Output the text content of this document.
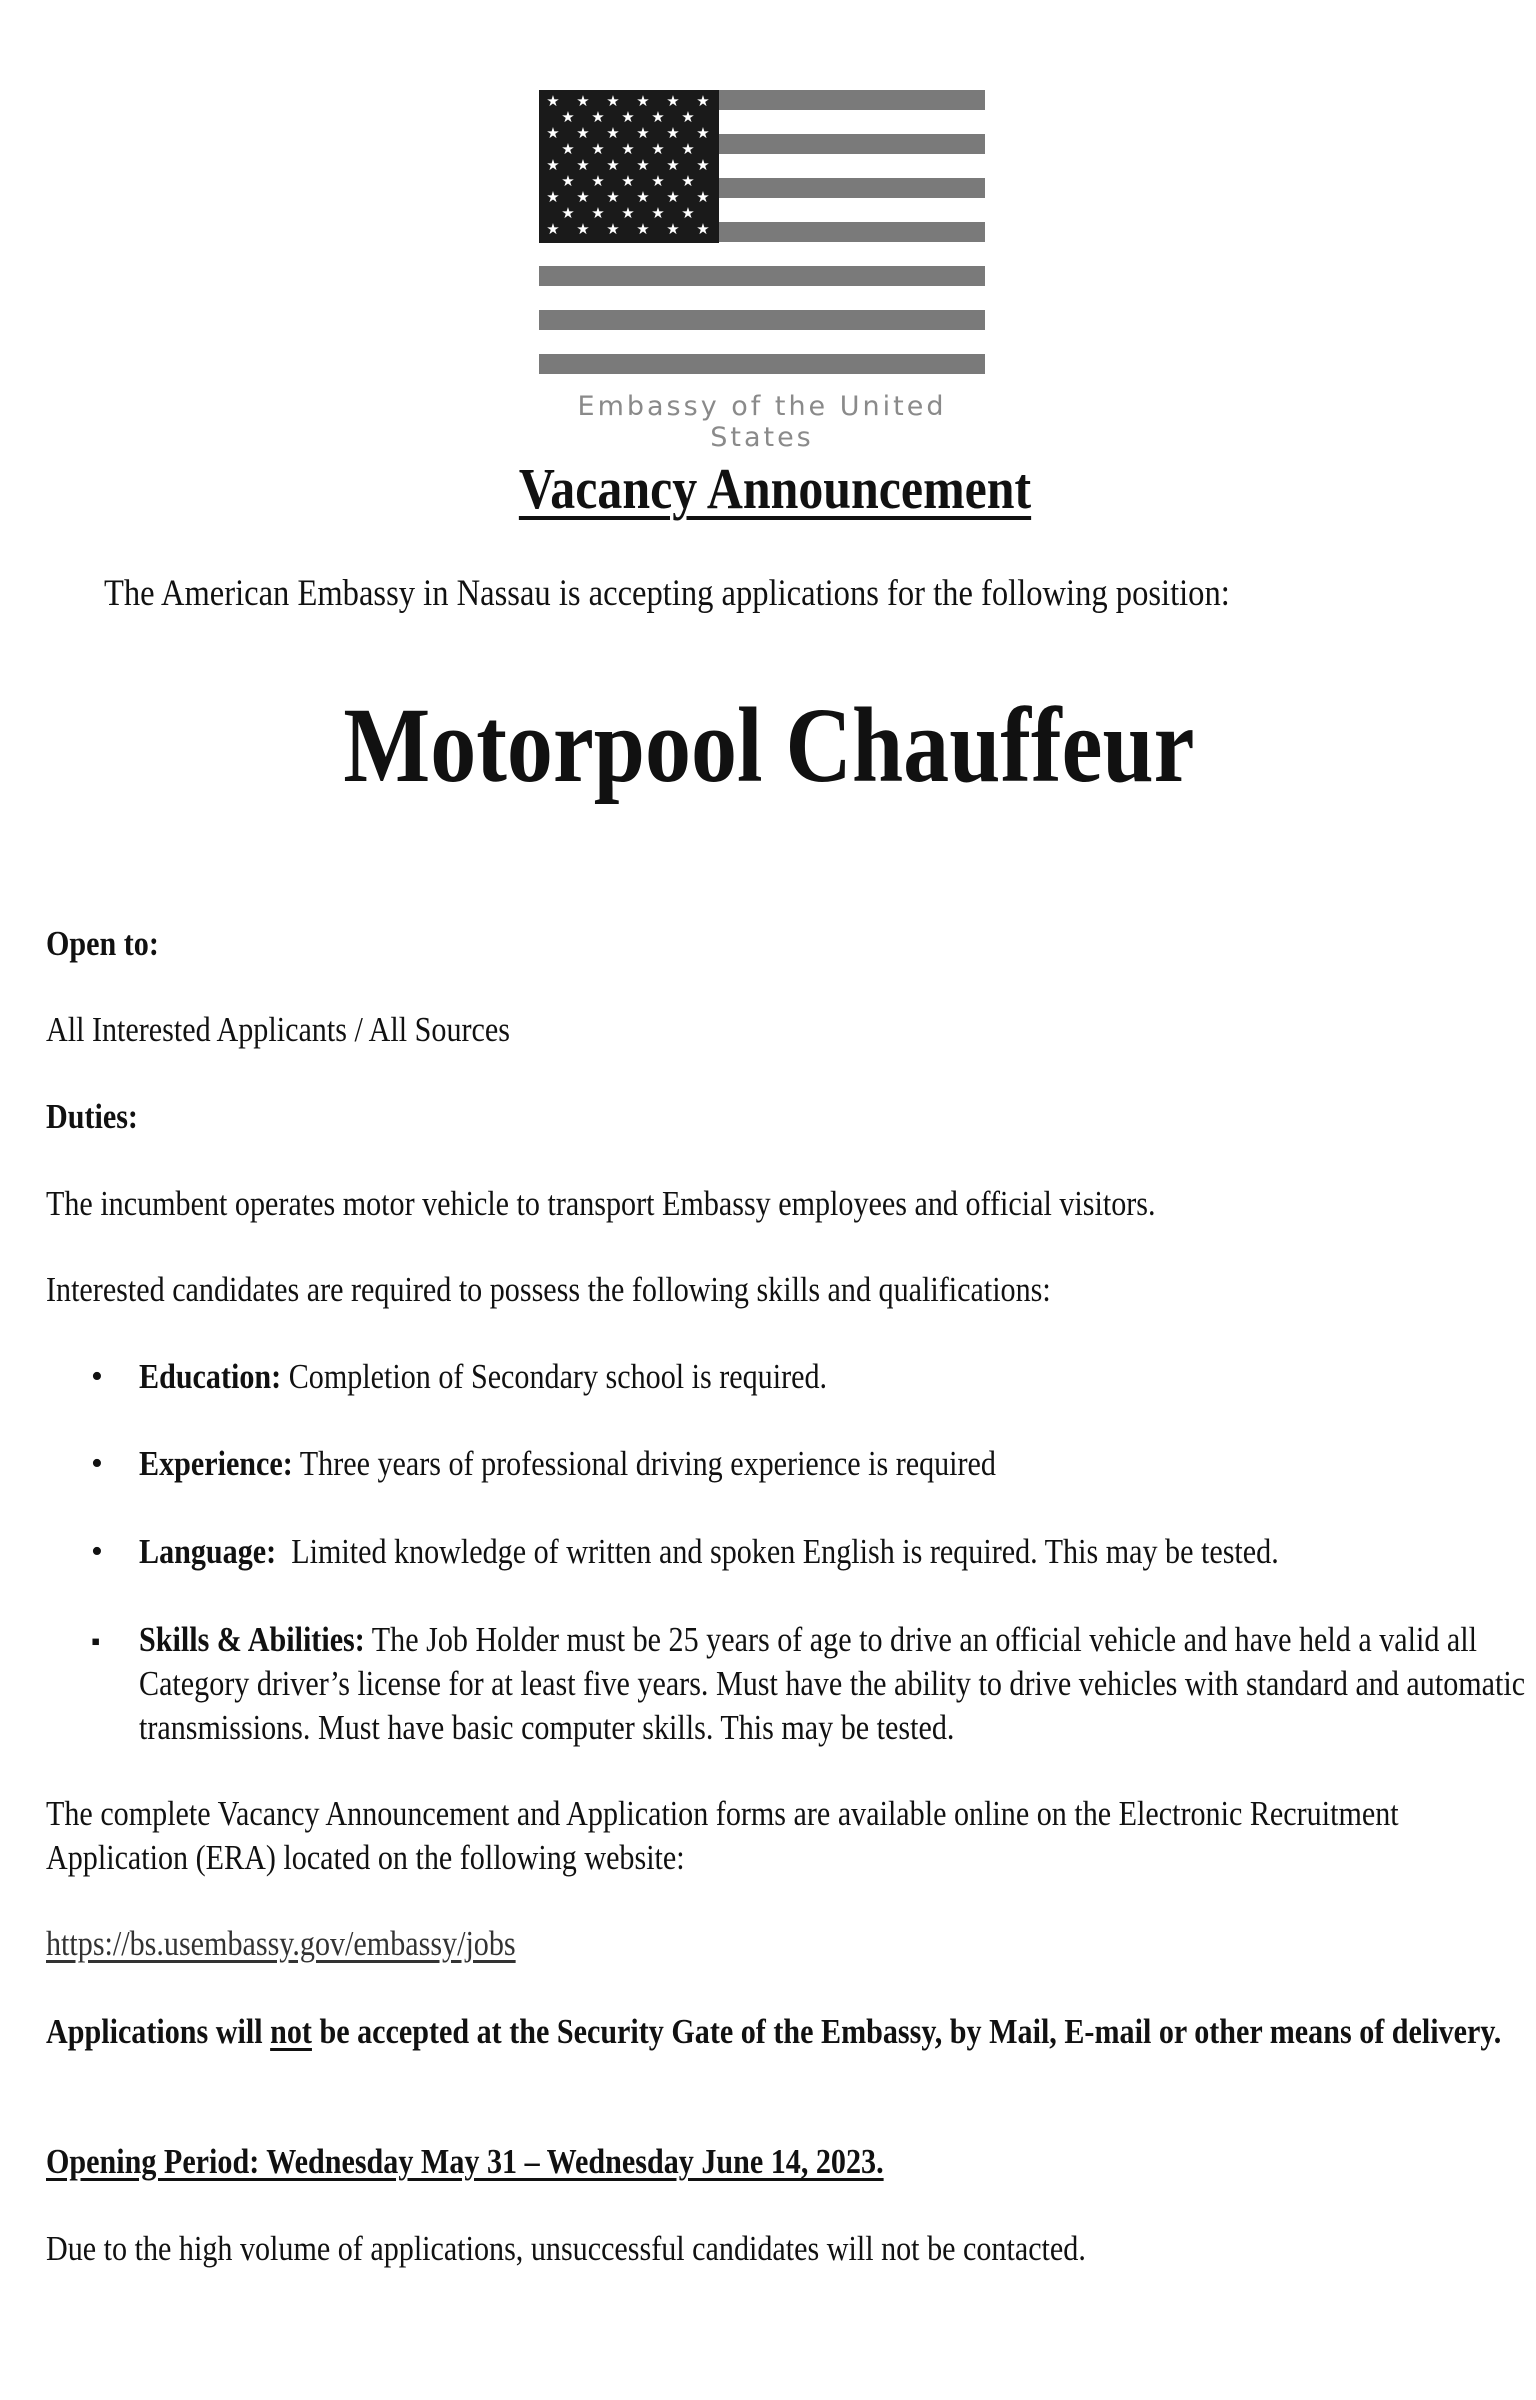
★ ★ ★ ★ ★ ★
★ ★ ★ ★ ★
★ ★ ★ ★ ★ ★
★ ★ ★ ★ ★
★ ★ ★ ★ ★ ★
★ ★ ★ ★ ★
★ ★ ★ ★ ★ ★
★ ★ ★ ★ ★
★ ★ ★ ★ ★ ★
Embassy of the United States
Vacancy Announcement
The American Embassy in Nassau is accepting applications for the following position:
Motorpool Chauffeur
Open to:
All Interested Applicants / All Sources
Duties:
The incumbent operates motor vehicle to transport Embassy employees and official visitors.
Interested candidates are required to possess the following skills and qualifications:
• Education: Completion of Secondary school is required.
• Experience: Three years of professional driving experience is required
• Language:  Limited knowledge of written and spoken English is required. This may be tested.
▪ Skills & Abilities: The Job Holder must be 25 years of age to drive an official vehicle and have held a valid all Category driver’s license for at least five years. Must have the ability to drive vehicles with standard and automatic transmissions. Must have basic computer skills. This may be tested.
The complete Vacancy Announcement and Application forms are available online on the Electronic Recruitment Application (ERA) located on the following website:
https://bs.usembassy.gov/embassy/jobs
Applications will not be accepted at the Security Gate of the Embassy, by Mail, E-mail or other means of delivery.
Opening Period: Wednesday May 31 – Wednesday June 14, 2023.
Due to the high volume of applications, unsuccessful candidates will not be contacted.
